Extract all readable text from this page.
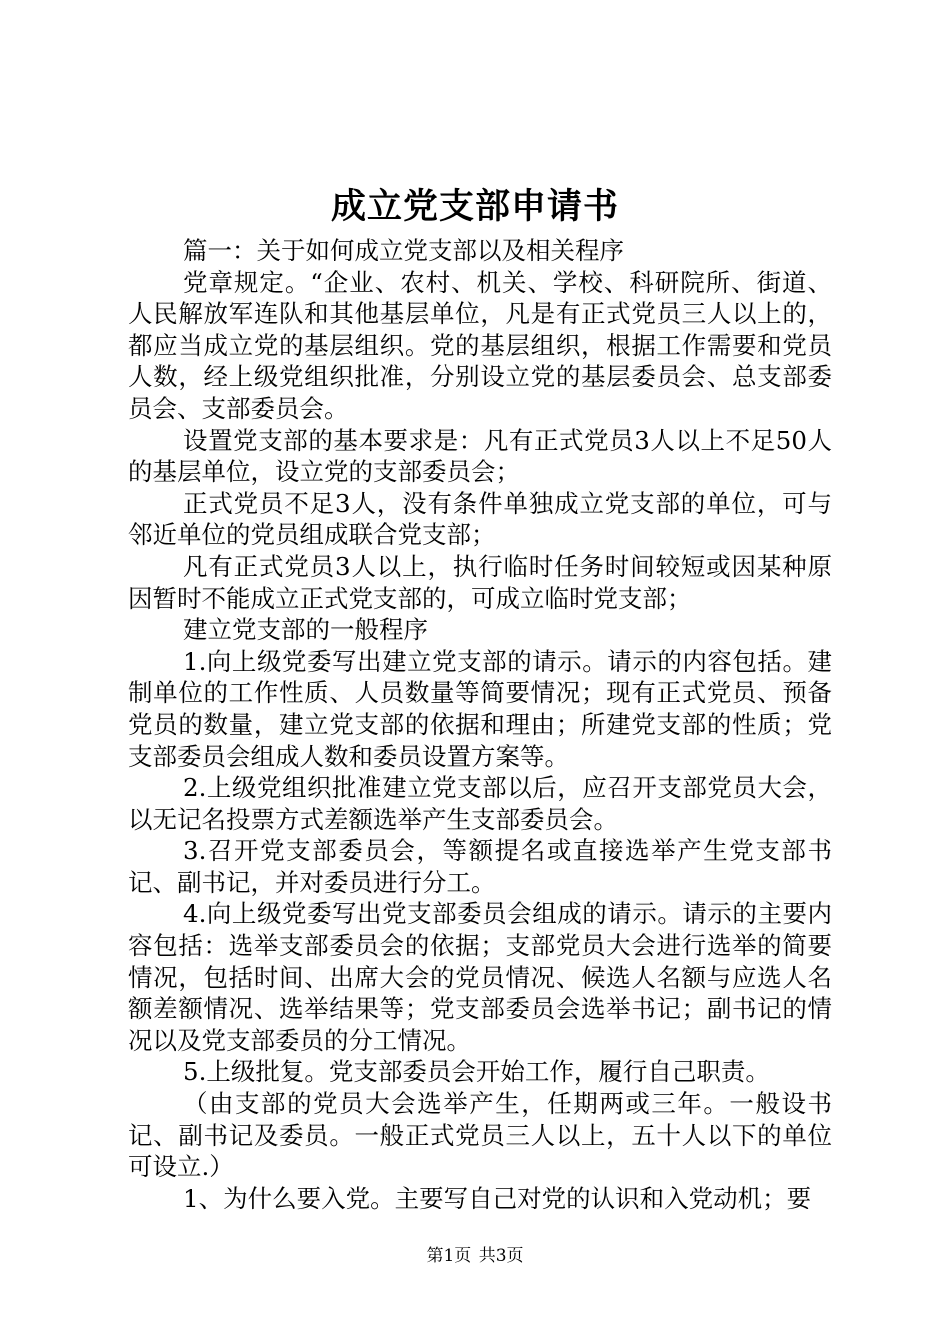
成立党支部申请书

篇一：关于如何成立党支部以及相关程序

党章规定。“企业、农村、机关、学校、科研院所、街道、人民解放军连队和其他基层单位，凡是有正式党员三人以上的，都应当成立党的基层组织。党的基层组织，根据工作需要和党员人数，经上级党组织批准，分别设立党的基层委员会、总支部委员会、支部委员会。

设置党支部的基本要求是：凡有正式党员3人以上不足50人的基层单位，设立党的支部委员会；

正式党员不足3人，没有条件单独成立党支部的单位，可与邻近单位的党员组成联合党支部；

凡有正式党员3人以上，执行临时任务时间较短或因某种原因暂时不能成立正式党支部的，可成立临时党支部；

建立党支部的一般程序

1.向上级党委写出建立党支部的请示。请示的内容包括。建制单位的工作性质、人员数量等简要情况；现有正式党员、预备党员的数量，建立党支部的依据和理由；所建党支部的性质；党支部委员会组成人数和委员设置方案等。

2.上级党组织批准建立党支部以后，应召开支部党员大会，以无记名投票方式差额选举产生支部委员会。

3.召开党支部委员会，等额提名或直接选举产生党支部书记、副书记，并对委员进行分工。

4.向上级党委写出党支部委员会组成的请示。请示的主要内容包括：选举支部委员会的依据；支部党员大会进行选举的简要情况，包括时间、出席大会的党员情况、候选人名额与应选人名额差额情况、选举结果等；党支部委员会选举书记；副书记的情况以及党支部委员的分工情况。

5.上级批复。党支部委员会开始工作，履行自己职责。

（由支部的党员大会选举产生，任期两或三年。一般设书记、副书记及委员。一般正式党员三人以上，五十人以下的单位可设立.）

1、为什么要入党。主要写自己对党的认识和入党动机；要

第1页 共3页
